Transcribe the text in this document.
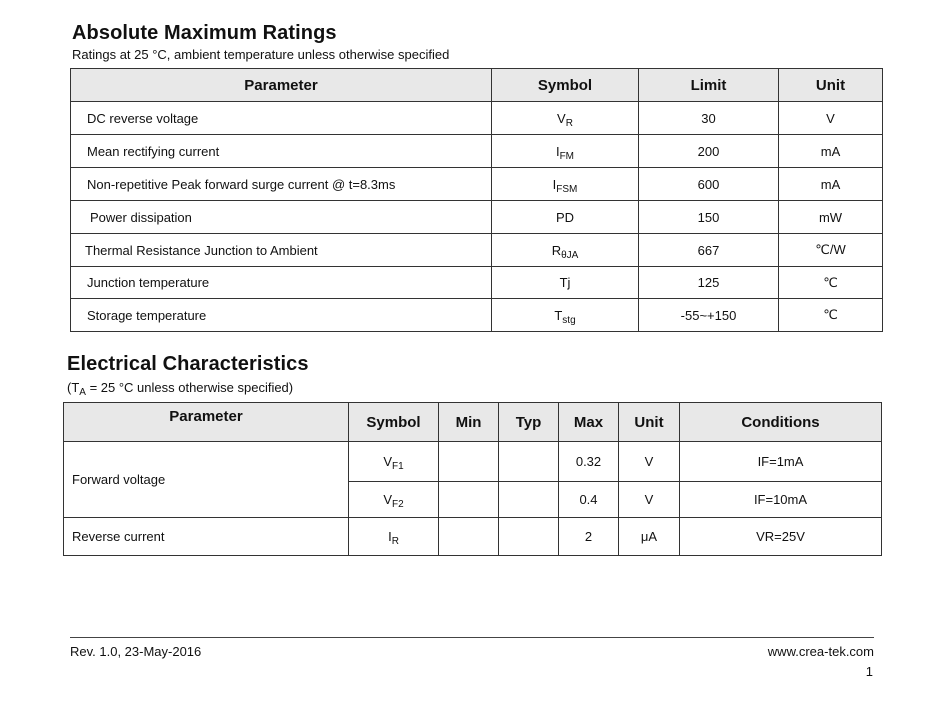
Absolute Maximum Ratings
Ratings at 25 °C, ambient temperature unless otherwise specified
Parameter	Symbol	Limit	Unit
DC reverse voltage	$V_R$	30	V
Mean rectifying current	$I_{FM}$	200	mA
Non-repetitive Peak forward surge current @ t=8.3ms	$I_{FSM}$	600	mA
Power dissipation	PD	150	mW
Thermal Resistance Junction to Ambient	$R_{\theta JA}$	667	℃/W
Junction temperature	Tj	125	℃
Storage temperature	$T_{stg}$	-55~+150	℃
Electrical Characteristics
($T_A = 25$ °C unless otherwise specified)
Parameter	Symbol	Min	Typ	Max	Unit	Conditions
Forward voltage	$V_{F1}$			0.32	V	IF=1mA
	$V_{F2}$			0.4	V	IF=10mA
Reverse current	$I_R$			2	μA	VR=25V
Rev. 1.0, 23-May-2016	www.crea-tek.com
1
